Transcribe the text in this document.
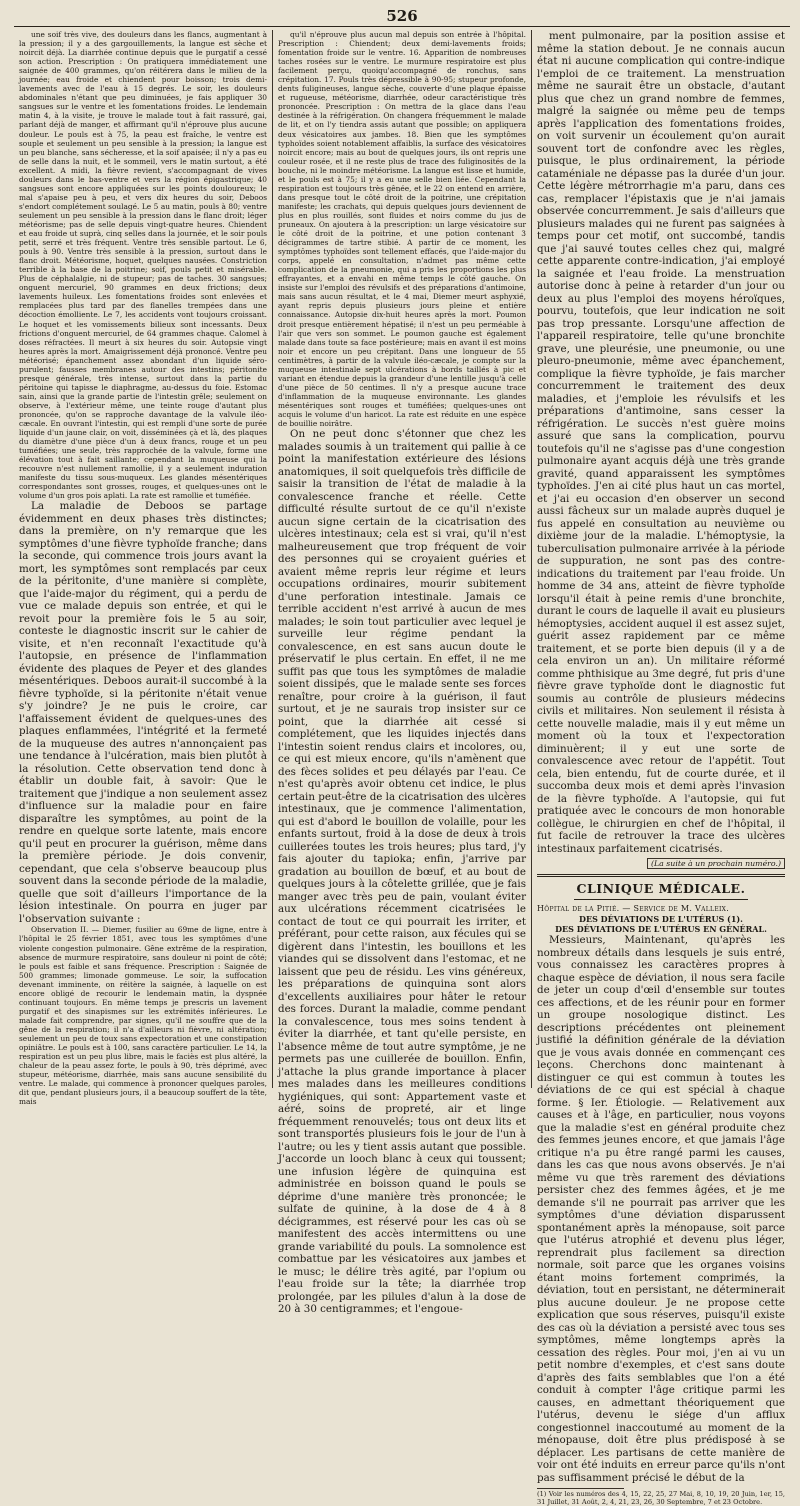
526

une soif très vive, des douleurs dans les flancs, augmentant à la pression; il y a des gargouillements, la langue est sèche et noircit déjà. La diarrhée continue depuis que le purgatif a cessé son action. Prescription : On pratiquera immédiatement une saignée de 400 grammes, qu'on réitérera dans le milieu de la journée; eau froide et chiendent pour boisson; trois demi-lavements avec de l'eau à 15 degrés. Le soir, les douleurs abdominales n'étant que peu diminuées, je fais appliquer 30 sangsues sur le ventre et les fomentations froides. Le lendemain matin 4, à la visite, je trouve le malade tout à fait rassuré, gai, parlant déjà de manger, et affirmant qu'il n'éprouve plus aucune douleur. Le pouls est à 75, la peau est fraîche, le ventre est souple et seulement un peu sensible à la pression; la langue est un peu blanche, sans sécheresse, et la soif apaisée; il n'y a pas eu de selle dans la nuit, et le sommeil, vers le matin surtout, a été excellent. A midi, la fièvre revient, s'accompagnant de vives douleurs dans le bas-ventre et vers la région épigastrique; 40 sangsues sont encore appliquées sur les points douloureux; le mal s'apaise peu à peu, et vers dix heures du soir, Deboos s'endort complétement soulagé. Le 5 au matin, pouls à 80; ventre seulement un peu sensible à la pression dans le flanc droit; léger météorisme; pas de selle depuis vingt-quatre heures. Chiendent et eau froide ut suprà, cinq selles dans la journée, et le soir pouls petit, serré et très fréquent. Ventre très sensible partout. Le 6, pouls à 90. Ventre très sensible à la pression, surtout dans le flanc droit. Météorisme, hoquet, quelques nausées. Constriction terrible à la base de la poitrine; soif, pouls petit et misérable. Plus de céphalalgie, ni de stupeur; pas de taches. 30 sangsues; onguent mercuriel, 90 grammes en deux frictions; deux lavements huileux. Les fomentations froides sont enlevées et remplacées plus tard par des flanelles trempées dans une décoction émolliente. Le 7, les accidents vont toujours croissant. Le hoquet et les vomissements bilieux sont incessants. Deux frictions d'onguent mercuriel, de 64 grammes chaque. Calomel à doses réfractées. Il meurt à six heures du soir. Autopsie vingt heures après la mort. Amaigrissement déjà prononcé. Ventre peu météorisé; épanchement assez abondant d'un liquide séro-purulent; fausses membranes autour des intestins; péritonite presque générale, très intense, surtout dans la partie du péritoine qui tapisse le diaphragme, au-dessus du foie. Estomac sain, ainsi que la grande partie de l'intestin grêle; seulement on observe, à l'extérieur même, une teinte rouge d'autant plus prononcée, qu'on se rapproche davantage de la valvule iléo-cæcale. En ouvrant l'intestin, qui est rempli d'une sorte de purée liquide d'un jaune clair, on voit, disséminées çà et là, des plaques du diamètre d'une pièce d'un à deux francs, rouge et un peu tuméfiées; une seule, très rapprochée de la valvule, forme une élévation tout à fait saillante; cependant la muqueuse qui la recouvre n'est nullement ramollie, il y a seulement induration manifeste du tissu sous-muqueux. Les glandes mésentériques correspondantes sont grosses, rouges, et quelques-unes ont le volume d'un gros pois aplati. La rate est ramollie et tuméfiée.

La maladie de Deboos se partage évidemment en deux phases très distinctes; dans la première, on n'y remarque que les symptômes d'une fièvre typhoïde franche; dans la seconde, qui commence trois jours avant la mort, les symptômes sont remplacés par ceux de la péritonite, d'une manière si complète, que l'aide-major du régiment, qui a perdu de vue ce malade depuis son entrée, et qui le revoit pour la première fois le 5 au soir, conteste le diagnostic inscrit sur le cahier de visite, et n'en reconnaît l'exactitude qu'à l'autopsie, en présence de l'inflammation évidente des plaques de Peyer et des glandes mésentériques. Deboos aurait-il succombé à la fièvre typhoïde, si la péritonite n'était venue s'y joindre? Je ne puis le croire, car l'affaissement évident de quelques-unes des plaques enflammées, l'intégrité et la fermeté de la muqueuse des autres n'annonçaient pas une tendance à l'ulcération, mais bien plutôt à la résolution. Cette observation tend donc à établir un double fait, à savoir: Que le traitement que j'indique a non seulement assez d'influence sur la maladie pour en faire disparaître les symptômes, au point de la rendre en quelque sorte latente, mais encore qu'il peut en procurer la guérison, même dans la première période. Je dois convenir, cependant, que cela s'observe beaucoup plus souvent dans la seconde période de la maladie, quelle que soit d'ailleurs l'importance de la lésion intestinale. On pourra en juger par l'observation suivante :

Observation II. — Diemer, fusilier au 69me de ligne, entre à l'hôpital le 25 février 1851, avec tous les symptômes d'une violente congestion pulmonaire. Gêne extrême de la respiration, absence de murmure respiratoire, sans douleur ni point de côté; le pouls est faible et sans fréquence. Prescription : Saignée de 500 grammes; limonade gommeuse. Le soir, la suffocation devenant imminente, on réitère la saignée, à laquelle on est encore obligé de recourir le lendemain matin, la dyspnée continuant toujours. En même temps je prescris un lavement purgatif et des sinapismes sur les extrémités inférieures. Le malade fait comprendre, par signes, qu'il ne souffre que de la gêne de la respiration; il n'a d'ailleurs ni fièvre, ni altération; seulement un peu de toux sans expectoration et une constipation opiniâtre. Le pouls est à 100, sans caractère particulier. Le 14, la respiration est un peu plus libre, mais le faciès est plus altéré, la chaleur de la peau assez forte, le pouls à 90, très déprimé, avec stupeur, météorisme, diarrhée, mais sans aucune sensibilité du ventre. Le malade, qui commence à prononcer quelques paroles, dit que, pendant plusieurs jours, il a beaucoup souffert de la tête, mais

qu'il n'éprouve plus aucun mal depuis son entrée à l'hôpital. Prescription : Chiendent; deux demi-lavements froids; fomentation froide sur le ventre. 16. Apparition de nombreuses taches rosées sur le ventre. Le murmure respiratoire est plus facilement perçu, quoiqu'accompagné de ronchus, sans crépitation. 17. Pouls très dépressible à 90-95; stupeur profonde, dents fuligineuses, langue sèche, couverte d'une plaque épaisse et rugueuse, météorisme, diarrhée, odeur caractéristique très prononcée. Prescription : On mettra de la glace dans l'eau destinée à la réfrigération. On changera fréquemment le malade de lit, et on l'y tiendra assis autant que possible; on appliquera deux vésicatoires aux jambes. 18. Bien que les symptômes typhoïdes soient notablement affaiblis, la surface des vésicatoires noircit encore; mais au bout de quelques jours, ils ont repris une couleur rosée, et il ne reste plus de trace des fuliginosités de la bouche, ni le moindre météorisme. La langue est lisse et humide, et le pouls est à 75; il y a eu une selle bien liée. Cependant la respiration est toujours très gênée, et le 22 on entend en arrière, dans presque tout le côté droit de la poitrine, une crépitation manifeste; les crachats, qui depuis quelques jours deviennent de plus en plus rouillés, sont fluides et noirs comme du jus de pruneaux. On ajoutera à la prescription: un large vésicatoire sur le côté droit de la poitrine, et une potion contenant 3 décigrammes de tartre stibié. A partir de ce moment, les symptômes typhoïdes sont tellement effacés, que l'aide-major du corps, appelé en consultation, n'admet pas même cette complication de la pneumonie, qui a pris les proportions les plus effrayantes, et a envahi en même temps le côté gauche. On insiste sur l'emploi des révulsifs et des préparations d'antimoine, mais sans aucun résultat, et le 4 mai, Diemer meurt asphyxié, ayant repris depuis plusieurs jours pleine et entière connaissance. Autopsie dix-huit heures après la mort. Poumon droit presque entièrement hépatisé; il n'est un peu perméable à l'air que vers son sommet. Le poumon gauche est également malade dans toute sa face postérieure; mais en avant il est moins noir et encore un peu crépitant. Dans une longueur de 55 centimètres, à partir de la valvule iléo-cæcale, je compte sur la muqueuse intestinale sept ulcérations à bords taillés à pic et variant en étendue depuis la grandeur d'une lentille jusqu'à celle d'une pièce de 50 centimes. Il n'y a presque aucune trace d'inflammation de la muqueuse environnante. Les glandes mésentériques sont rouges et tuméfiées; quelques-unes ont acquis le volume d'un haricot. La rate est réduite en une espèce de bouillie noirâtre.

On ne peut donc s'étonner que chez les malades soumis à un traitement qui pallie à ce point la manifestation extérieure des lésions anatomiques, il soit quelquefois très difficile de saisir la transition de l'état de maladie à la convalescence franche et réelle. Cette difficulté résulte surtout de ce qu'il n'existe aucun signe certain de la cicatrisation des ulcères intestinaux; cela est si vrai, qu'il n'est malheureusement que trop fréquent de voir des personnes qui se croyaient guéries et avaient même repris leur régime et leurs occupations ordinaires, mourir subitement d'une perforation intestinale. Jamais ce terrible accident n'est arrivé à aucun de mes malades; le soin tout particulier avec lequel je surveille leur régime pendant la convalescence, en est sans aucun doute le préservatif le plus certain. En effet, il ne me suffit pas que tous les symptômes de maladie soient dissipés, que le malade sente ses forces renaître, pour croire à la guérison, il faut surtout, et je ne saurais trop insister sur ce point, que la diarrhée ait cessé si complétement, que les liquides injectés dans l'intestin soient rendus clairs et incolores, ou, ce qui est mieux encore, qu'ils n'amènent que des fèces solides et peu délayés par l'eau. Ce n'est qu'après avoir obtenu cet indice, le plus certain peut-être de la cicatrisation des ulcères intestinaux, que je commence l'alimentation, qui est d'abord le bouillon de volaille, pour les enfants surtout, froid à la dose de deux à trois cuillerées toutes les trois heures; plus tard, j'y fais ajouter du tapioka; enfin, j'arrive par gradation au bouillon de bœuf, et au bout de quelques jours à la côtelette grillée, que je fais manger avec très peu de pain, voulant éviter aux ulcérations récemment cicatrisées le contact de tout ce qui pourrait les irriter, et préférant, pour cette raison, aux fécules qui se digèrent dans l'intestin, les bouillons et les viandes qui se dissolvent dans l'estomac, et ne laissent que peu de résidu. Les vins généreux, les préparations de quinquina sont alors d'excellents auxiliaires pour hâter le retour des forces. Durant la maladie, comme pendant la convalescence, tous mes soins tendent à éviter la diarrhée, et tant qu'elle persiste, en l'absence même de tout autre symptôme, je ne permets pas une cuillerée de bouillon. Enfin, j'attache la plus grande importance à placer mes malades dans les meilleures conditions hygiéniques, qui sont: Appartement vaste et aéré, soins de propreté, air et linge fréquemment renouvelés; tous ont deux lits et sont transportés plusieurs fois le jour de l'un à l'autre; ou les y tient assis autant que possible. J'accorde un looch blanc à ceux qui toussent; une infusion légère de quinquina est administrée en boisson quand le pouls se déprime d'une manière très prononcée; le sulfate de quinine, à la dose de 4 à 8 décigrammes, est réservé pour les cas où se manifestent des accès intermittens ou une grande variabilité du pouls. La somnolence est combattue par les vésicatoires aux jambes et le musc; le délire très agité, par l'opium ou l'eau froide sur la tête; la diarrhée trop prolongée, par les pilules d'alun à la dose de 20 à 30 centigrammes; et l'engoue-

ment pulmonaire, par la position assise et même la station debout. Je ne connais aucun état ni aucune complication qui contre-indique l'emploi de ce traitement. La menstruation même ne saurait être un obstacle, d'autant plus que chez un grand nombre de femmes, malgré la saignée ou même peu de temps après l'application des fomentations froides, on voit survenir un écoulement qu'on aurait souvent tort de confondre avec les règles, puisque, le plus ordinairement, la période cataméniale ne dépasse pas la durée d'un jour. Cette légère métrorrhagie m'a paru, dans ces cas, remplacer l'épistaxis que je n'ai jamais observée concurremment. Je sais d'ailleurs que plusieurs malades qui ne furent pas saignées à temps pour cet motif, ont succombé, tandis que j'ai sauvé toutes celles chez qui, malgré cette apparente contre-indication, j'ai employé la saignée et l'eau froide. La menstruation autorise donc à peine à retarder d'un jour ou deux au plus l'emploi des moyens héroïques, pourvu, toutefois, que leur indication ne soit pas trop pressante. Lorsqu'une affection de l'appareil respiratoire, telle qu'une bronchite grave, une pleurésie, une pneumonie, ou une pleuro-pneumonie, même avec épanchement, complique la fièvre typhoïde, je fais marcher concurremment le traitement des deux maladies, et j'emploie les révulsifs et les préparations d'antimoine, sans cesser la réfrigération. Le succès n'est guère moins assuré que sans la complication, pourvu toutefois qu'il ne s'agisse pas d'une congestion pulmonaire ayant acquis déjà une très grande gravité, quand apparaissent les symptômes typhoïdes. J'en ai cité plus haut un cas mortel, et j'ai eu occasion d'en observer un second aussi fâcheux sur un malade auprès duquel je fus appelé en consultation au neuvième ou dixième jour de la maladie. L'hémoptysie, la tuberculisation pulmonaire arrivée à la période de suppuration, ne sont pas des contre-indications du traitement par l'eau froide. Un homme de 34 ans, atteint de fièvre typhoïde lorsqu'il était à peine remis d'une bronchite, durant le cours de laquelle il avait eu plusieurs hémoptysies, accident auquel il est assez sujet, guérit assez rapidement par ce même traitement, et se porte bien depuis (il y a de cela environ un an). Un militaire réformé comme phthisique au 3me degré, fut pris d'une fièvre grave typhoïde dont le diagnostic fut soumis au contrôle de plusieurs médecins civils et militaires. Non seulement il résista à cette nouvelle maladie, mais il y eut même un moment où la toux et l'expectoration diminuèrent; il y eut une sorte de convalescence avec retour de l'appétit. Tout cela, bien entendu, fut de courte durée, et il succomba deux mois et demi après l'invasion de la fièvre typhoïde. A l'autopsie, qui fut pratiquée avec le concours de mon honorable collègue, le chirurgien en chef de l'hôpital, il fut facile de retrouver la trace des ulcères intestinaux parfaitement cicatrisés.

(La suite à un prochain numéro.)
CLINIQUE MÉDICALE.
Hôpital de la Pitié. — Service de M. Valleix.
DES DÉVIATIONS DE L'UTÉRUS (1).
DES DÉVIATIONS DE L'UTÉRUS EN GÉNÉRAL.

Messieurs, Maintenant, qu'après les nombreux détails dans lesquels je suis entré, vous connaissez les caractères propres à chaque espèce de déviation, il nous sera facile de jeter un coup d'œil d'ensemble sur toutes ces affections, et de les réunir pour en former un groupe nosologique distinct. Les descriptions précédentes ont pleinement justifié la définition générale de la déviation que je vous avais donnée en commençant ces leçons. Cherchons donc maintenant à distinguer ce qui est commun à toutes les déviations de ce qui est spécial à chaque forme. § Ier. Étiologie. — Relativement aux causes et à l'âge, en particulier, nous voyons que la maladie s'est en général produite chez des femmes jeunes encore, et que jamais l'âge critique n'a pu être rangé parmi les causes, dans les cas que nous avons observés. Je n'ai même vu que très rarement des déviations persister chez des femmes âgées, et je me demande s'il ne pourrait pas arriver que les symptômes d'une déviation disparussent spontanément après la ménopause, soit parce que l'utérus atrophié et devenu plus léger, reprendrait plus facilement sa direction normale, soit parce que les organes voisins étant moins fortement comprimés, la déviation, tout en persistant, ne déterminerait plus aucune douleur. Je ne propose cette explication que sous réserves, puisqu'il existe des cas où la déviation a persisté avec tous ses symptômes, même longtemps après la cessation des règles. Pour moi, j'en ai vu un petit nombre d'exemples, et c'est sans doute d'après des faits semblables que l'on a été conduit à compter l'âge critique parmi les causes, en admettant théoriquement que l'utérus, devenu le siége d'un afflux congestionnel inaccoutumé au moment de la ménopause, doit être plus prédisposé à se déplacer. Les partisans de cette manière de voir ont été induits en erreur parce qu'ils n'ont pas suffisamment précisé le début de la

(1) Voir les numéros des 4, 15, 22, 25, 27 Mai, 8, 10, 19, 20 Juin, 1er, 15, 31 Juillet, 31 Août, 2, 4, 21, 23, 26, 30 Septembre, 7 et 23 Octobre.
